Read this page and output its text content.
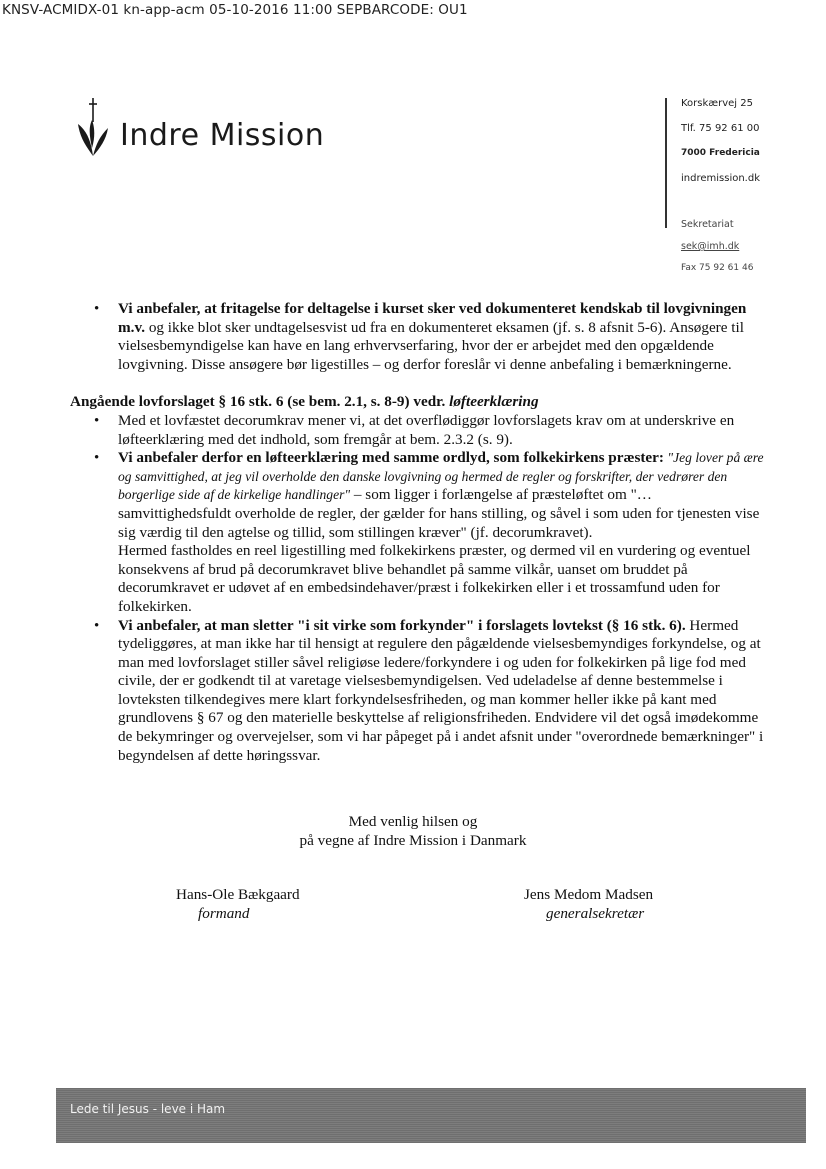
KNSV-ACMIDX-01 kn-app-acm 05-10-2016 11:00 SEPBARCODE: OU1
Indre Mission
Korskærvej 25
Tlf. 75 92 61 00
7000 Fredericia
indremission.dk
Sekretariat
sek@imh.dk
Fax 75 92 61 46
• Vi anbefaler, at fritagelse for deltagelse i kurset sker ved dokumenteret kendskab til lovgivningen m.v. og ikke blot sker undtagelsesvist ud fra en dokumenteret eksamen (jf. s. 8 afsnit 5-6). Ansøgere til vielsesbemyndigelse kan have en lang erhvervserfaring, hvor der er arbejdet med den opgældende lovgivning. Disse ansøgere bør ligestilles – og derfor foreslår vi denne anbefaling i bemærkningerne.

Angående lovforslaget § 16 stk. 6 (se bem. 2.1, s. 8-9) vedr. løfteerklæring

• Med et lovfæstet decorumkrav mener vi, at det overflødiggør lovforslagets krav om at underskrive en løfteerklæring med det indhold, som fremgår at bem. 2.3.2 (s. 9).
• Vi anbefaler derfor en løfteerklæring med samme ordlyd, som folkekirkens præster: "Jeg lover på ære og samvittighed, at jeg vil overholde den danske lovgivning og hermed de regler og forskrifter, der vedrører den borgerlige side af de kirkelige handlinger" – som ligger i forlængelse af præsteløftet om "… samvittighedsfuldt overholde de regler, der gælder for hans stilling, og såvel i som uden for tjenesten vise sig værdig til den agtelse og tillid, som stillingen kræver" (jf. decorumkravet).

Hermed fastholdes en reel ligestilling med folkekirkens præster, og dermed vil en vurdering og eventuel konsekvens af brud på decorumkravet blive behandlet på samme vilkår, uanset om bruddet på decorumkravet er udøvet af en embedsindehaver/præst i folkekirken eller i et trossamfund uden for folkekirken.

• Vi anbefaler, at man sletter "i sit virke som forkynder" i forslagets lovtekst (§ 16 stk. 6). Hermed tydeliggøres, at man ikke har til hensigt at regulere den pågældende vielsesbemyndiges forkyndelse, og at man med lovforslaget stiller såvel religiøse ledere/forkyndere i og uden for folkekirken på lige fod med civile, der er godkendt til at varetage vielsesbemyndigelsen. Ved udeladelse af denne bestemmelse i lovteksten tilkendegives mere klart forkyndelsesfriheden, og man kommer heller ikke på kant med grundlovens § 67 og den materielle beskyttelse af religionsfriheden. Endvidere vil det også imødekomme de bekymringer og overvejelser, som vi har påpeget på i andet afsnit under "overordnede bemærkninger" i begyndelsen af dette høringssvar.
Med venlig hilsen og
på vegne af Indre Mission i Danmark
Hans-Ole Bækgaard
formand
Jens Medom Madsen
generalsekretær
Lede til Jesus - leve i Ham
